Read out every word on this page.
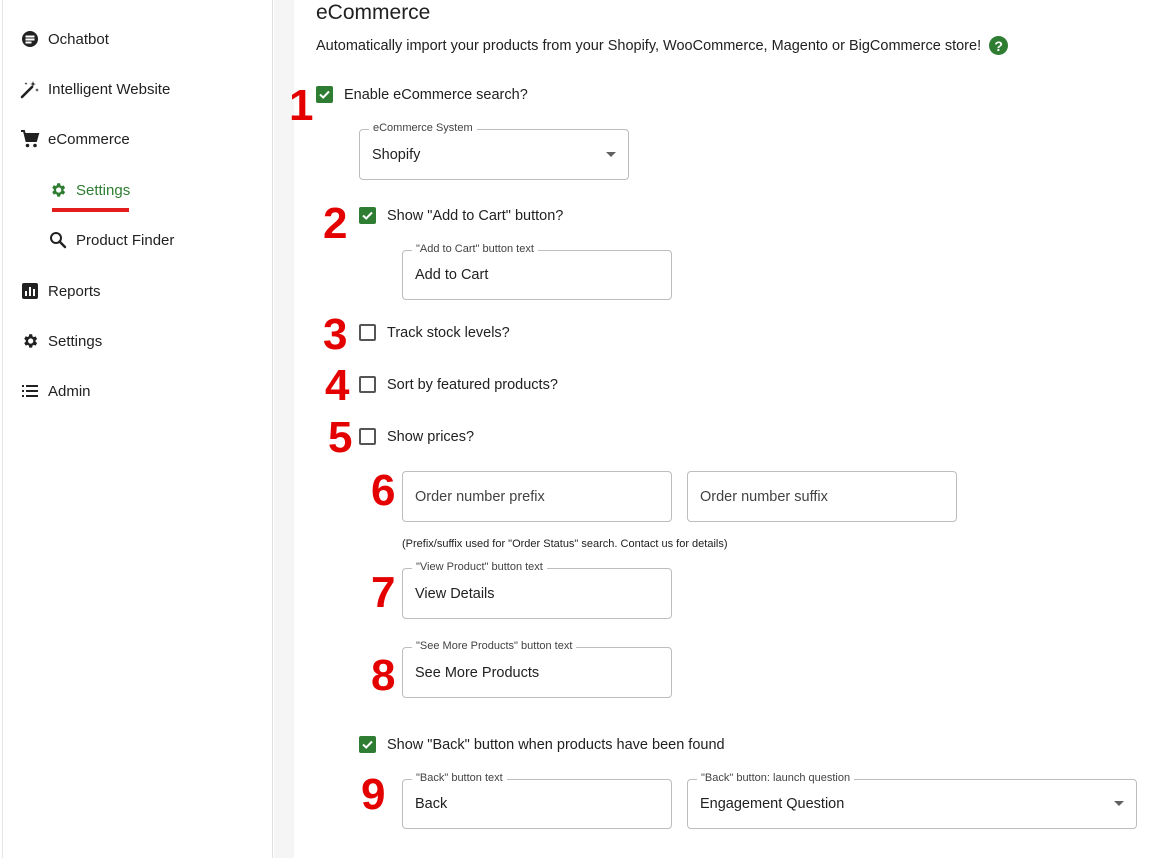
Ochatbot
Intelligent Website
eCommerce
Settings
Product Finder
Reports
Settings
Admin
eCommerce
Automatically import your products from your Shopify, WooCommerce, Magento or BigCommerce store! ?
1
2
3
4
5
6
7
8
9
Enable eCommerce search?
eCommerce System
Shopify
Show "Add to Cart" button?
"Add to Cart" button text
Add to Cart
Track stock levels?
Sort by featured products?
Show prices?
Order number prefix	Order number suffix
(Prefix/suffix used for "Order Status" search. Contact us for details)
"View Product" button text
View Details
"See More Products" button text
See More Products
Show "Back" button when products have been found
"Back" button text
Back
"Back" button: launch question
Engagement Question
